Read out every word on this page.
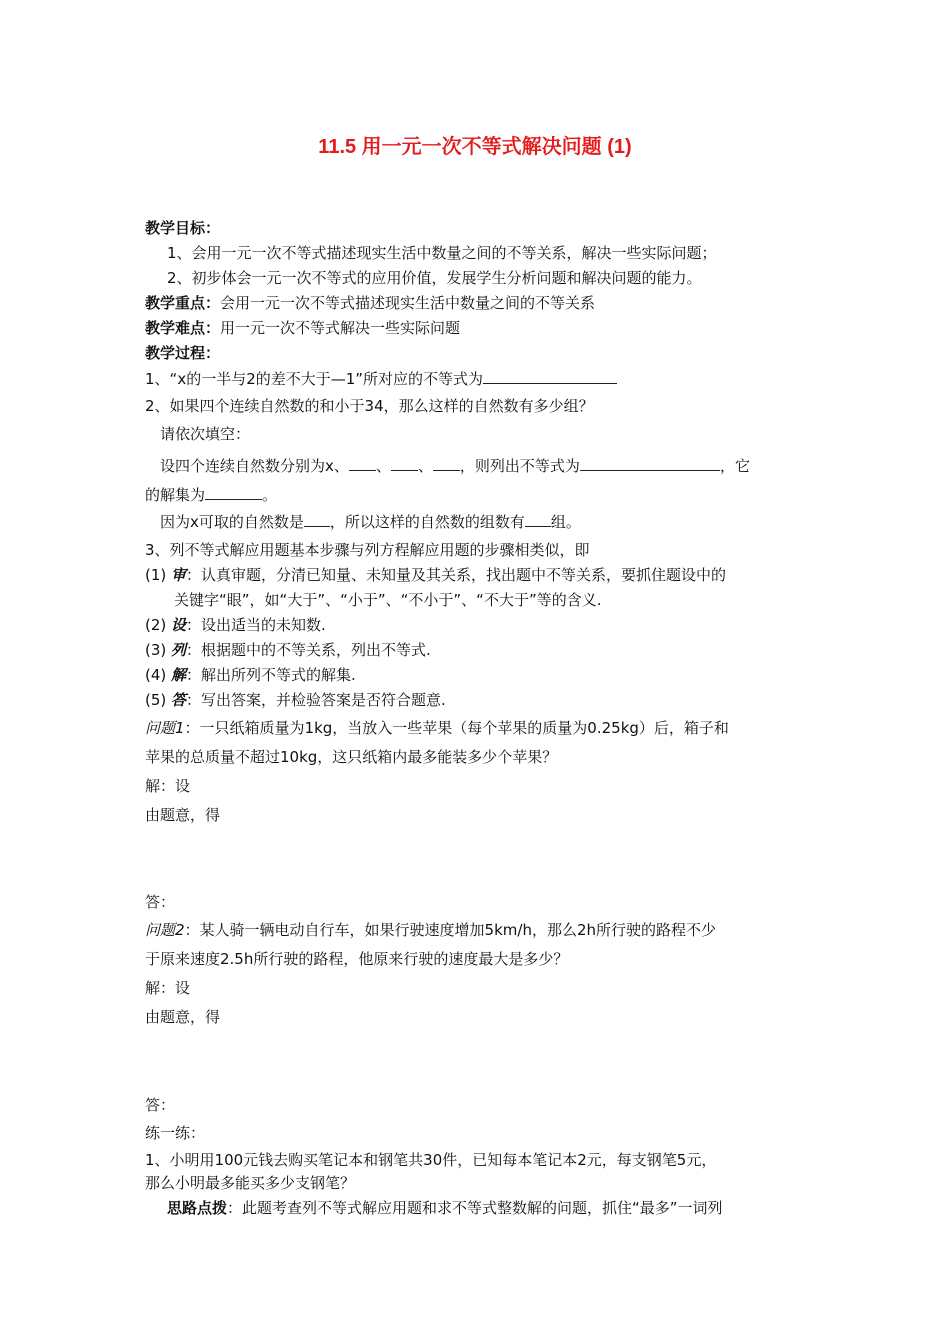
11.5 用一元一次不等式解决问题 (1)
教学目标：
1、会用一元一次不等式描述现实生活中数量之间的不等关系，解决一些实际问题；
2、初步体会一元一次不等式的应用价值，发展学生分析问题和解决问题的能力。
教学重点：会用一元一次不等式描述现实生活中数量之间的不等关系
教学难点：用一元一次不等式解决一些实际问题
教学过程：
1、“x的一半与2的差不大于—1”所对应的不等式为
2、如果四个连续自然数的和小于34，那么这样的自然数有多少组？
请依次填空：
设四个连续自然数分别为x、 、 、 ，则列出不等式为	，它
的解集为	。
因为x可取的自然数是 ，所以这样的自然数的组数有 组。
3、列不等式解应用题基本步骤与列方程解应用题的步骤相类似，即
(1) 审：认真审题，分清已知量、未知量及其关系，找出题中不等关系，要抓住题设中的
关键字“眼”，如“大于”、“小于”、“不小于”、“不大于”等的含义.
(2) 设：设出适当的未知数.
(3) 列：根据题中的不等关系，列出不等式.
(4) 解：解出所列不等式的解集.
(5) 答：写出答案，并检验答案是否符合题意.
问题1：一只纸箱质量为1kg，当放入一些苹果（每个苹果的质量为0.25kg）后，箱子和
苹果的总质量不超过10kg，这只纸箱内最多能装多少个苹果？
解：设
由题意，得
答：
问题2：某人骑一辆电动自行车，如果行驶速度增加5km/h，那么2h所行驶的路程不少
于原来速度2.5h所行驶的路程，他原来行驶的速度最大是多少？
解：设
由题意，得
答：
练一练：
1、小明用100元钱去购买笔记本和钢笔共30件，已知每本笔记本2元，每支钢笔5元，
那么小明最多能买多少支钢笔？
思路点拨：此题考查列不等式解应用题和求不等式整数解的问题，抓住“最多”一词列
